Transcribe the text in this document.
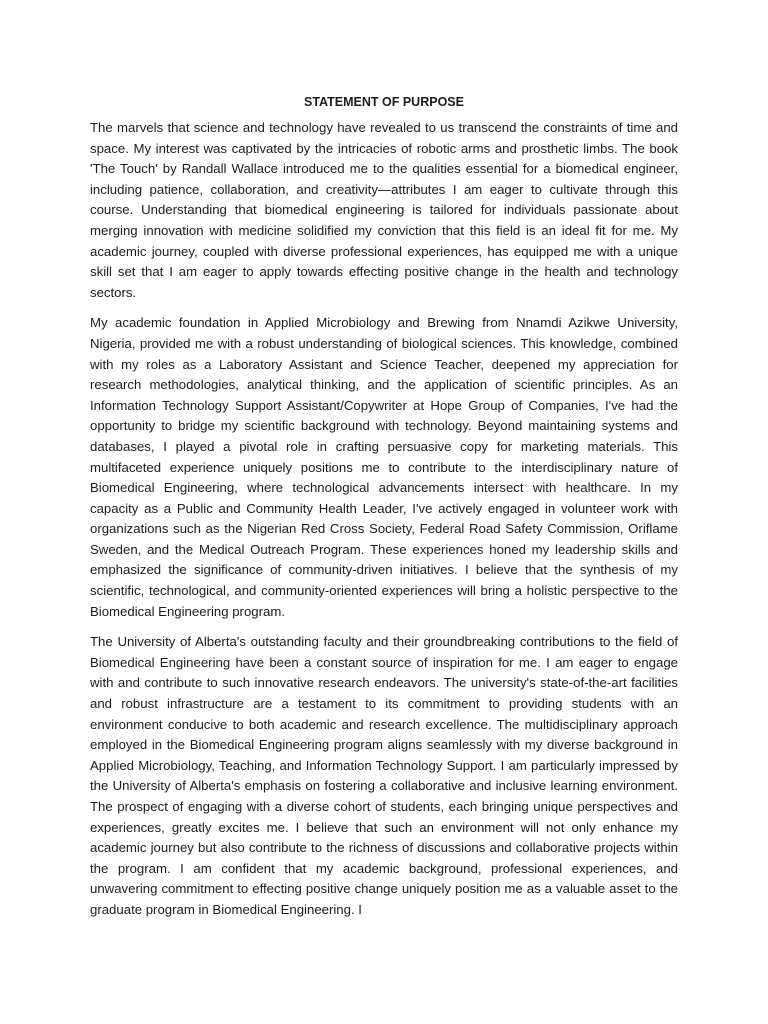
STATEMENT OF PURPOSE

The marvels that science and technology have revealed to us transcend the constraints of time and space. My interest was captivated by the intricacies of robotic arms and prosthetic limbs. The book 'The Touch' by Randall Wallace introduced me to the qualities essential for a biomedical engineer, including patience, collaboration, and creativity—attributes I am eager to cultivate through this course. Understanding that biomedical engineering is tailored for individuals passionate about merging innovation with medicine solidified my conviction that this field is an ideal fit for me. My academic journey, coupled with diverse professional experiences, has equipped me with a unique skill set that I am eager to apply towards effecting positive change in the health and technology sectors.

My academic foundation in Applied Microbiology and Brewing from Nnamdi Azikwe University, Nigeria, provided me with a robust understanding of biological sciences. This knowledge, combined with my roles as a Laboratory Assistant and Science Teacher, deepened my appreciation for research methodologies, analytical thinking, and the application of scientific principles. As an Information Technology Support Assistant/Copywriter at Hope Group of Companies, I've had the opportunity to bridge my scientific background with technology. Beyond maintaining systems and databases, I played a pivotal role in crafting persuasive copy for marketing materials. This multifaceted experience uniquely positions me to contribute to the interdisciplinary nature of Biomedical Engineering, where technological advancements intersect with healthcare. In my capacity as a Public and Community Health Leader, I've actively engaged in volunteer work with organizations such as the Nigerian Red Cross Society, Federal Road Safety Commission, Oriflame Sweden, and the Medical Outreach Program. These experiences honed my leadership skills and emphasized the significance of community-driven initiatives. I believe that the synthesis of my scientific, technological, and community-oriented experiences will bring a holistic perspective to the Biomedical Engineering program.

The University of Alberta's outstanding faculty and their groundbreaking contributions to the field of Biomedical Engineering have been a constant source of inspiration for me. I am eager to engage with and contribute to such innovative research endeavors. The university's state-of-the-art facilities and robust infrastructure are a testament to its commitment to providing students with an environment conducive to both academic and research excellence. The multidisciplinary approach employed in the Biomedical Engineering program aligns seamlessly with my diverse background in Applied Microbiology, Teaching, and Information Technology Support. I am particularly impressed by the University of Alberta's emphasis on fostering a collaborative and inclusive learning environment. The prospect of engaging with a diverse cohort of students, each bringing unique perspectives and experiences, greatly excites me. I believe that such an environment will not only enhance my academic journey but also contribute to the richness of discussions and collaborative projects within the program. I am confident that my academic background, professional experiences, and unwavering commitment to effecting positive change uniquely position me as a valuable asset to the graduate program in Biomedical Engineering. I
